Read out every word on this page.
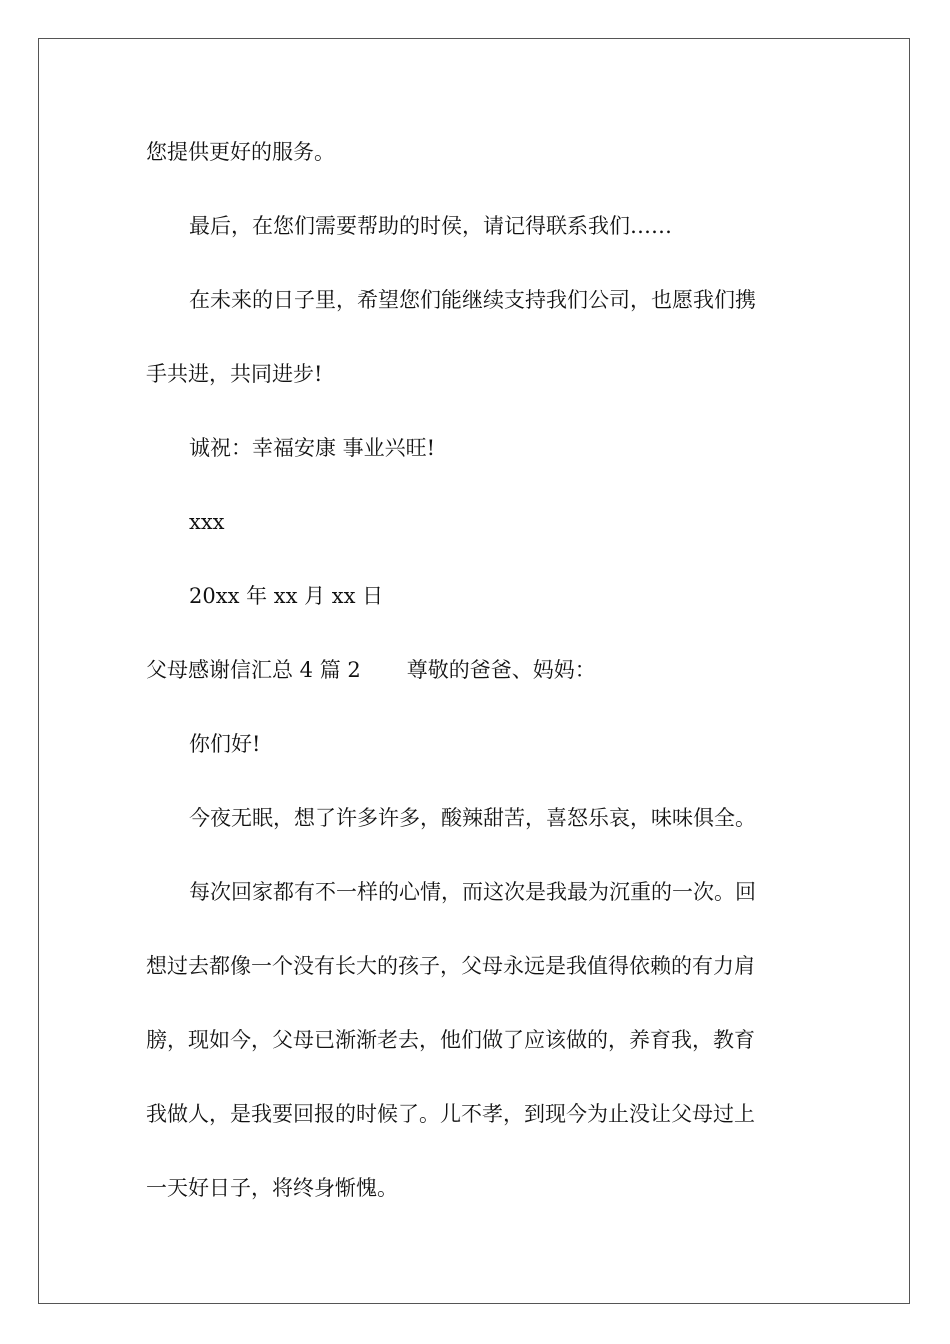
您提供更好的服务。
最后，在您们需要帮助的时侯，请记得联系我们……
在未来的日子里，希望您们能继续支持我们公司，也愿我们携
手共进，共同进步!
诚祝：幸福安康 事业兴旺!
xxx
20xx 年 xx 月 xx 日
父母感谢信汇总 4 篇 2 尊敬的爸爸、妈妈：
你们好!
今夜无眠，想了许多许多，酸辣甜苦，喜怒乐哀，味味俱全。
每次回家都有不一样的心情，而这次是我最为沉重的一次。回
想过去都像一个没有长大的孩子，父母永远是我值得依赖的有力肩
膀，现如今，父母已渐渐老去，他们做了应该做的，养育我，教育
我做人，是我要回报的时候了。儿不孝，到现今为止没让父母过上
一天好日子，将终身惭愧。
